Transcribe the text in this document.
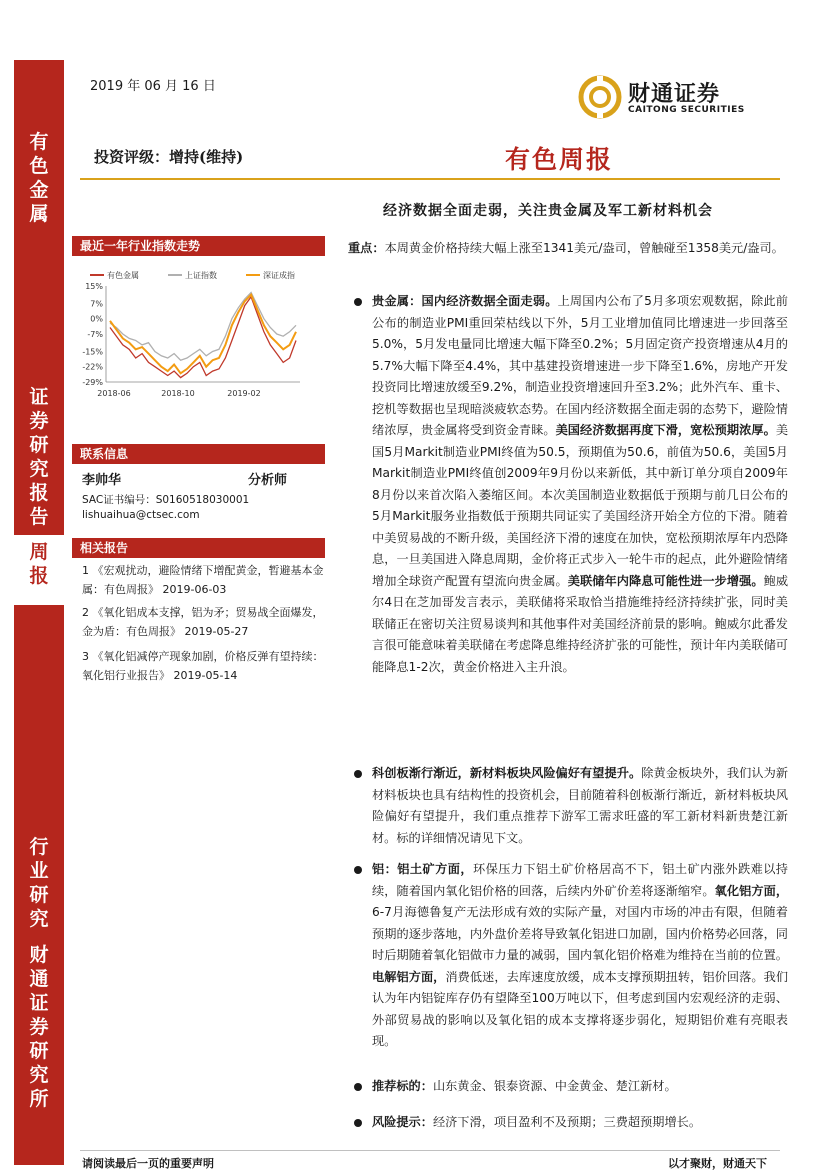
有
色
金
属
证
券
研
究
报
告
周
报
行
业
研
究
财
通
证
券
研
究
所
2019 年 06 月 16 日	财通证券
CAITONG SECURITIES
投资评级：增持(维持)	有色周报
经济数据全面走弱，关注贵金属及军工新材料机会
最近一年行业指数走势
有色金属	上证指数	深证成指
15%
7%
0%
-7%
-15%
-22%
-29%
2018-06	2018-10	2019-02
联系信息
李帅华	分析师
SAC证书编号：S0160518030001
lishuaihua@ctsec.com
相关报告
1 《宏观扰动，避险情绪下增配黄金，暂避基本金属：有色周报》 2019-06-03
2 《氧化铝成本支撑，铝为矛；贸易战全面爆发，金为盾：有色周报》 2019-05-27
3 《氧化铝减停产现象加剧，价格反弹有望持续：氧化铝行业报告》 2019-05-14
重点：本周黄金价格持续大幅上涨至1341美元/盎司，曾触碰至1358美元/盎司。
贵金属：国内经济数据全面走弱。上周国内公布了5月多项宏观数据，除此前公布的制造业PMI重回荣枯线以下外，5月工业增加值同比增速进一步回落至5.0%，5月发电量同比增速大幅下降至0.2%；5月固定资产投资增速从4月的5.7%大幅下降至4.4%，其中基建投资增速进一步下降至1.6%，房地产开发投资同比增速放缓至9.2%，制造业投资增速回升至3.2%；此外汽车、重卡、挖机等数据也呈现暗淡疲软态势。在国内经济数据全面走弱的态势下，避险情绪浓厚，贵金属将受到资金青睐。美国经济数据再度下滑，宽松预期浓厚。美国5月Markit制造业PMI终值为50.5，预期值为50.6，前值为50.6，美国5月Markit制造业PMI终值创2009年9月份以来新低，其中新订单分项自2009年8月份以来首次陷入萎缩区间。本次美国制造业数据低于预期与前几日公布的5月Markit服务业指数低于预期共同证实了美国经济开始全方位的下滑。随着中美贸易战的不断升级，美国经济下滑的速度在加快，宽松预期浓厚年内恐降息，一旦美国进入降息周期，金价将正式步入一轮牛市的起点，此外避险情绪增加全球资产配置有望流向贵金属。美联储年内降息可能性进一步增强。鲍威尔4日在芝加哥发言表示，美联储将采取恰当措施维持经济持续扩张，同时美联储正在密切关注贸易谈判和其他事件对美国经济前景的影响。鲍威尔此番发言很可能意味着美联储在考虑降息维持经济扩张的可能性，预计年内美联储可能降息1-2次，黄金价格进入主升浪。
科创板渐行渐近，新材料板块风险偏好有望提升。除黄金板块外，我们认为新材料板块也具有结构性的投资机会，目前随着科创板渐行渐近，新材料板块风险偏好有望提升，我们重点推荐下游军工需求旺盛的军工新材料新贵楚江新材。标的详细情况请见下文。
铝：铝土矿方面，环保压力下铝土矿价格居高不下，铝土矿内涨外跌难以持续，随着国内氧化铝价格的回落，后续内外矿价差将逐渐缩窄。氧化铝方面，6-7月海德鲁复产无法形成有效的实际产量，对国内市场的冲击有限，但随着预期的逐步落地，内外盘价差将导致氧化铝进口加剧，国内价格势必回落，同时后期随着氧化铝做市力量的减弱，国内氧化铝价格难为维持在当前的位置。电解铝方面，消费低迷，去库速度放缓，成本支撑预期扭转，铝价回落。我们认为年内铝锭库存仍有望降至100万吨以下，但考虑到国内宏观经济的走弱、外部贸易战的影响以及氧化铝的成本支撑将逐步弱化，短期铝价难有亮眼表现。
推荐标的：山东黄金、银泰资源、中金黄金、楚江新材。
风险提示：经济下滑，项目盈利不及预期；三费超预期增长。
请阅读最后一页的重要声明	以才聚财，财通天下
